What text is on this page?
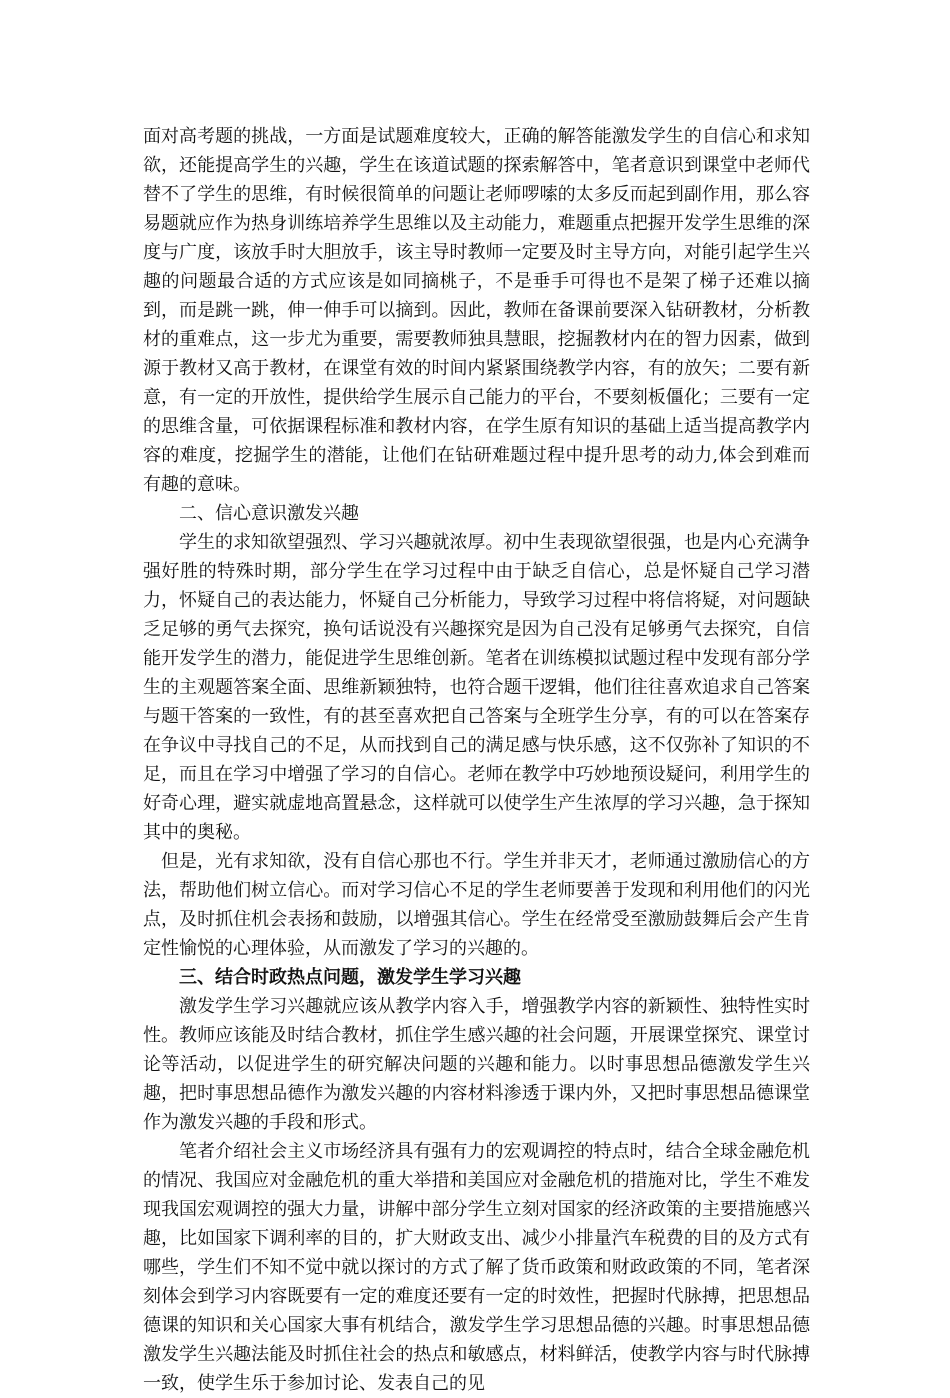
面对高考题的挑战，一方面是试题难度较大，正确的解答能激发学生的自信心和求知欲，还能提高学生的兴趣，学生在该道试题的探索解答中，笔者意识到课堂中老师代替不了学生的思维，有时候很简单的问题让老师啰嗦的太多反而起到副作用，那么容易题就应作为热身训练培养学生思维以及主动能力，难题重点把握开发学生思维的深度与广度，该放手时大胆放手，该主导时教师一定要及时主导方向，对能引起学生兴趣的问题最合适的方式应该是如同摘桃子，不是垂手可得也不是架了梯子还难以摘到，而是跳一跳，伸一伸手可以摘到。因此，教师在备课前要深入钻研教材，分析教材的重难点，这一步尤为重要，需要教师独具慧眼，挖掘教材内在的智力因素，做到源于教材又高于教材，在课堂有效的时间内紧紧围绕教学内容，有的放矢；二要有新意，有一定的开放性，提供给学生展示自己能力的平台，不要刻板僵化；三要有一定的思维含量，可依据课程标准和教材内容，在学生原有知识的基础上适当提高教学内容的难度，挖掘学生的潜能，让他们在钻研难题过程中提升思考的动力,体会到难而有趣的意味。

二、信心意识激发兴趣

学生的求知欲望强烈、学习兴趣就浓厚。初中生表现欲望很强，也是内心充满争强好胜的特殊时期，部分学生在学习过程中由于缺乏自信心，总是怀疑自己学习潜力，怀疑自己的表达能力，怀疑自己分析能力，导致学习过程中将信将疑，对问题缺乏足够的勇气去探究，换句话说没有兴趣探究是因为自己没有足够勇气去探究，自信能开发学生的潜力，能促进学生思维创新。笔者在训练模拟试题过程中发现有部分学生的主观题答案全面、思维新颖独特，也符合题干逻辑，他们往往喜欢追求自己答案与题干答案的一致性，有的甚至喜欢把自己答案与全班学生分享，有的可以在答案存在争议中寻找自己的不足，从而找到自己的满足感与快乐感，这不仅弥补了知识的不足，而且在学习中增强了学习的自信心。老师在教学中巧妙地预设疑问，利用学生的好奇心理，避实就虚地高置悬念，这样就可以使学生产生浓厚的学习兴趣，急于探知其中的奥秘。

但是，光有求知欲，没有自信心那也不行。学生并非天才，老师通过激励信心的方法，帮助他们树立信心。而对学习信心不足的学生老师要善于发现和利用他们的闪光点，及时抓住机会表扬和鼓励，以增强其信心。学生在经常受至激励鼓舞后会产生肯定性愉悦的心理体验，从而激发了学习的兴趣的。

三、结合时政热点问题，激发学生学习兴趣

激发学生学习兴趣就应该从教学内容入手，增强教学内容的新颖性、独特性实时性。教师应该能及时结合教材，抓住学生感兴趣的社会问题，开展课堂探究、课堂讨论等活动，以促进学生的研究解决问题的兴趣和能力。以时事思想品德激发学生兴趣，把时事思想品德作为激发兴趣的内容材料渗透于课内外，又把时事思想品德课堂作为激发兴趣的手段和形式。

笔者介绍社会主义市场经济具有强有力的宏观调控的特点时，结合全球金融危机的情况、我国应对金融危机的重大举措和美国应对金融危机的措施对比，学生不难发现我国宏观调控的强大力量，讲解中部分学生立刻对国家的经济政策的主要措施感兴趣，比如国家下调利率的目的，扩大财政支出、减少小排量汽车税费的目的及方式有哪些，学生们不知不觉中就以探讨的方式了解了货币政策和财政政策的不同，笔者深刻体会到学习内容既要有一定的难度还要有一定的时效性，把握时代脉搏，把思想品德课的知识和关心国家大事有机结合，激发学生学习思想品德的兴趣。时事思想品德激发学生兴趣法能及时抓住社会的热点和敏感点，材料鲜活，使教学内容与时代脉搏一致，使学生乐于参加讨论、发表自己的见
